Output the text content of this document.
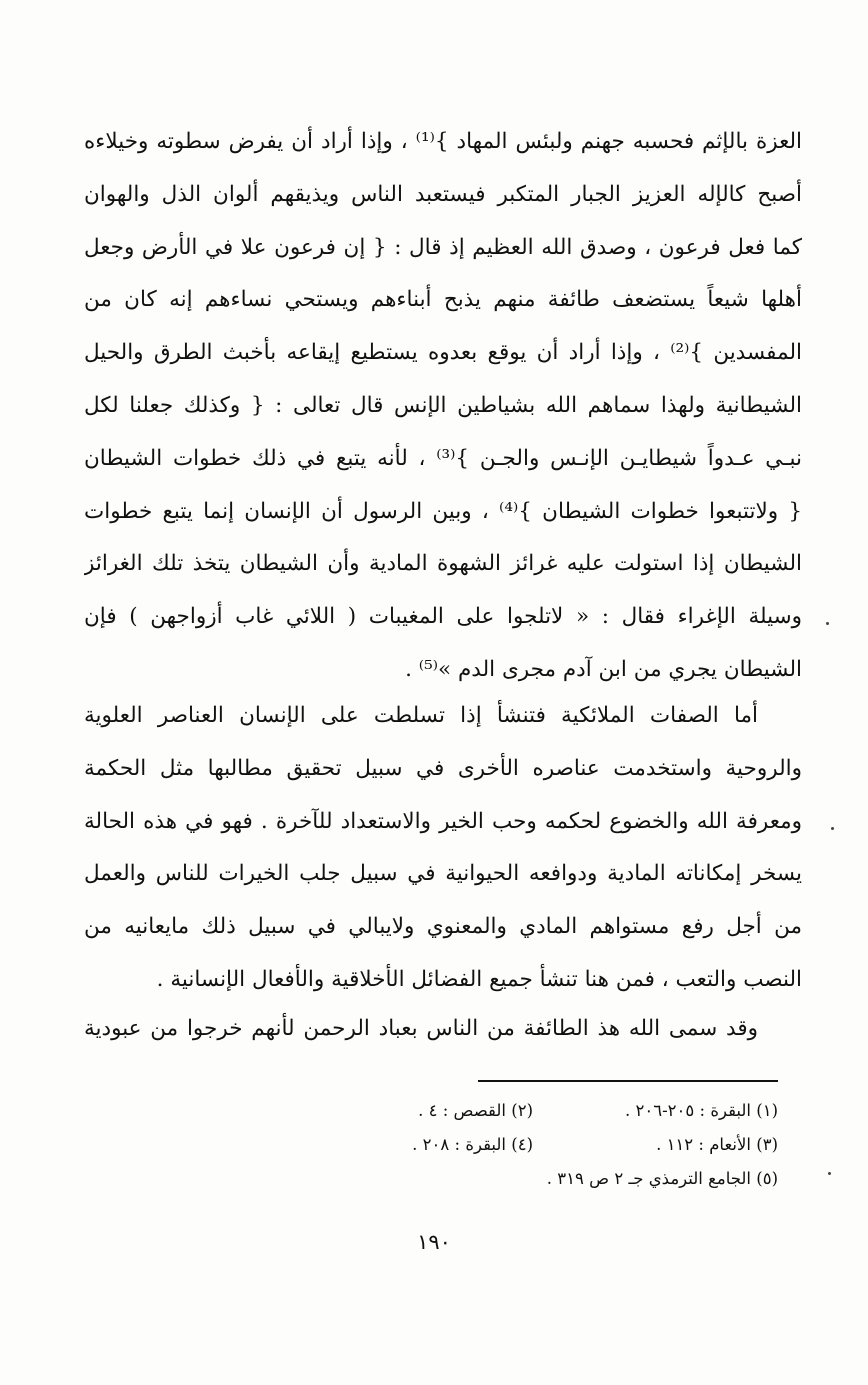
العزة بالإثم فحسبه جهنم ولبئس المهاد }⁽¹⁾ ، وإذا أراد أن يفرض سطوته وخيلاءه
أصبح كالإله العزيز الجبار المتكبر فيستعبد الناس ويذيقهم ألوان الذل والهوان
كما فعل فرعون ، وصدق الله العظيم إذ قال : { إن فرعون علا في الأرض وجعل
أهلها شيعاً يستضعف طائفة منهم يذبح أبناءهم ويستحي نساءهم إنه كان من
المفسدين }⁽²⁾ ، وإذا أراد أن يوقع بعدوه يستطيع إيقاعه بأخبث الطرق والحيل
الشيطانية ولهذا سماهم الله بشياطين الإنس قال تعالى : { وكذلك جعلنا لكل
نبـي عـدواً شيطايـن الإنـس والجـن }⁽³⁾ ، لأنه يتبع في ذلك خطوات الشيطان
{ ولاتتبعوا خطوات الشيطان }⁽⁴⁾ ، وبين الرسول أن الإنسان إنما يتبع خطوات
الشيطان إذا استولت عليه غرائز الشهوة المادية وأن الشيطان يتخذ تلك الغرائز
وسيلة الإغراء فقال : « لاتلجوا على المغيبات ( اللائي غاب أزواجهن ) فإن
الشيطان يجري من ابن آدم مجرى الدم »⁽⁵⁾ .
أما الصفات الملائكية فتنشأ إذا تسلطت على الإنسان العناصر العلوية
والروحية واستخدمت عناصره الأخرى في سبيل تحقيق مطالبها مثل الحكمة
ومعرفة الله والخضوع لحكمه وحب الخير والاستعداد للآخرة . فهو في هذه الحالة
يسخر إمكاناته المادية ودوافعه الحيوانية في سبيل جلب الخيرات للناس والعمل
من أجل رفع مستواهم المادي والمعنوي ولايبالي في سبيل ذلك مايعانيه من
النصب والتعب ، فمن هنا تنشأ جميع الفضائل الأخلاقية والأفعال الإنسانية .
وقد سمى الله هذ الطائفة من الناس بعباد الرحمن لأنهم خرجوا من عبودية
(١) البقرة : ٢٠٥-٢٠٦ .
(٢) القصص : ٤ .
(٣) الأنعام : ١١٢ .
(٤) البقرة : ٢٠٨ .
(٥) الجامع الترمذي جـ ٢ ص ٣١٩ .
١٩٠
